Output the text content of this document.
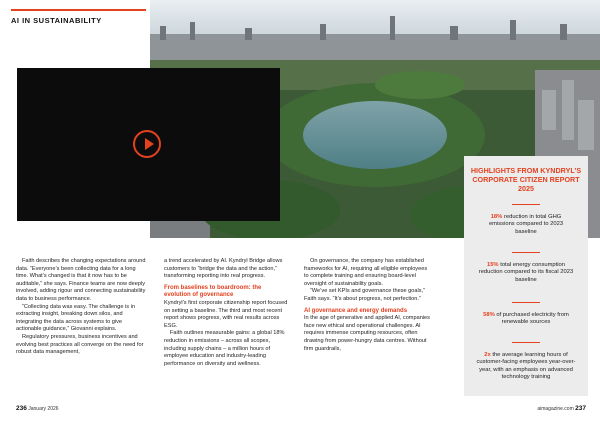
AI IN SUSTAINABILITY

Faith describes the changing expectations around data. “Everyone’s been collecting data for a long time. What’s changed is that it now has to be auditable,” she says. Finance teams are now deeply involved, adding rigour and connecting sustainability data to business performance.

“Collecting data was easy. The challenge is in extracting insight, breaking down silos, and integrating the data across systems to give actionable guidance,” Giovanni explains.

Regulatory pressures, business incentives and evolving best practices all converge on the need for robust data management,

a trend accelerated by AI. Kyndryl Bridge allows customers to “bridge the data and the action,” transforming reporting into real progress.

From baselines to boardroom: the evolution of governance

Kyndryl’s first corporate citizenship report focused on setting a baseline. The third and most recent report shows progress, with real results across ESG.

Faith outlines measurable gains: a global 18% reduction in emissions – across all scopes, including supply chains – a million hours of employee education and industry-leading performance on diversity and wellness.

On governance, the company has established frameworks for AI, requiring all eligible employees to complete training and ensuring board-level oversight of sustainability goals.

“We’ve set KPIs and governance these goals,” Faith says. “It’s about progress, not perfection.”

AI governance and energy demands

In the age of generative and applied AI, companies face new ethical and operational challenges. AI requires immense computing resources, often drawing from power-hungry data centres. Without firm guardrails,

HIGHLIGHTS FROM KYNDRYL’S CORPORATE CITIZEN REPORT 2025
18% reduction in total GHG emissions compared to 2023 baseline
15% total energy consumption reduction compared to its fiscal 2023 baseline
58% of purchased electricity from renewable sources
2x the average learning hours of customer-facing employees year-over-year, with an emphasis on advanced technology training
236 January 2026	aimagazine.com 237
